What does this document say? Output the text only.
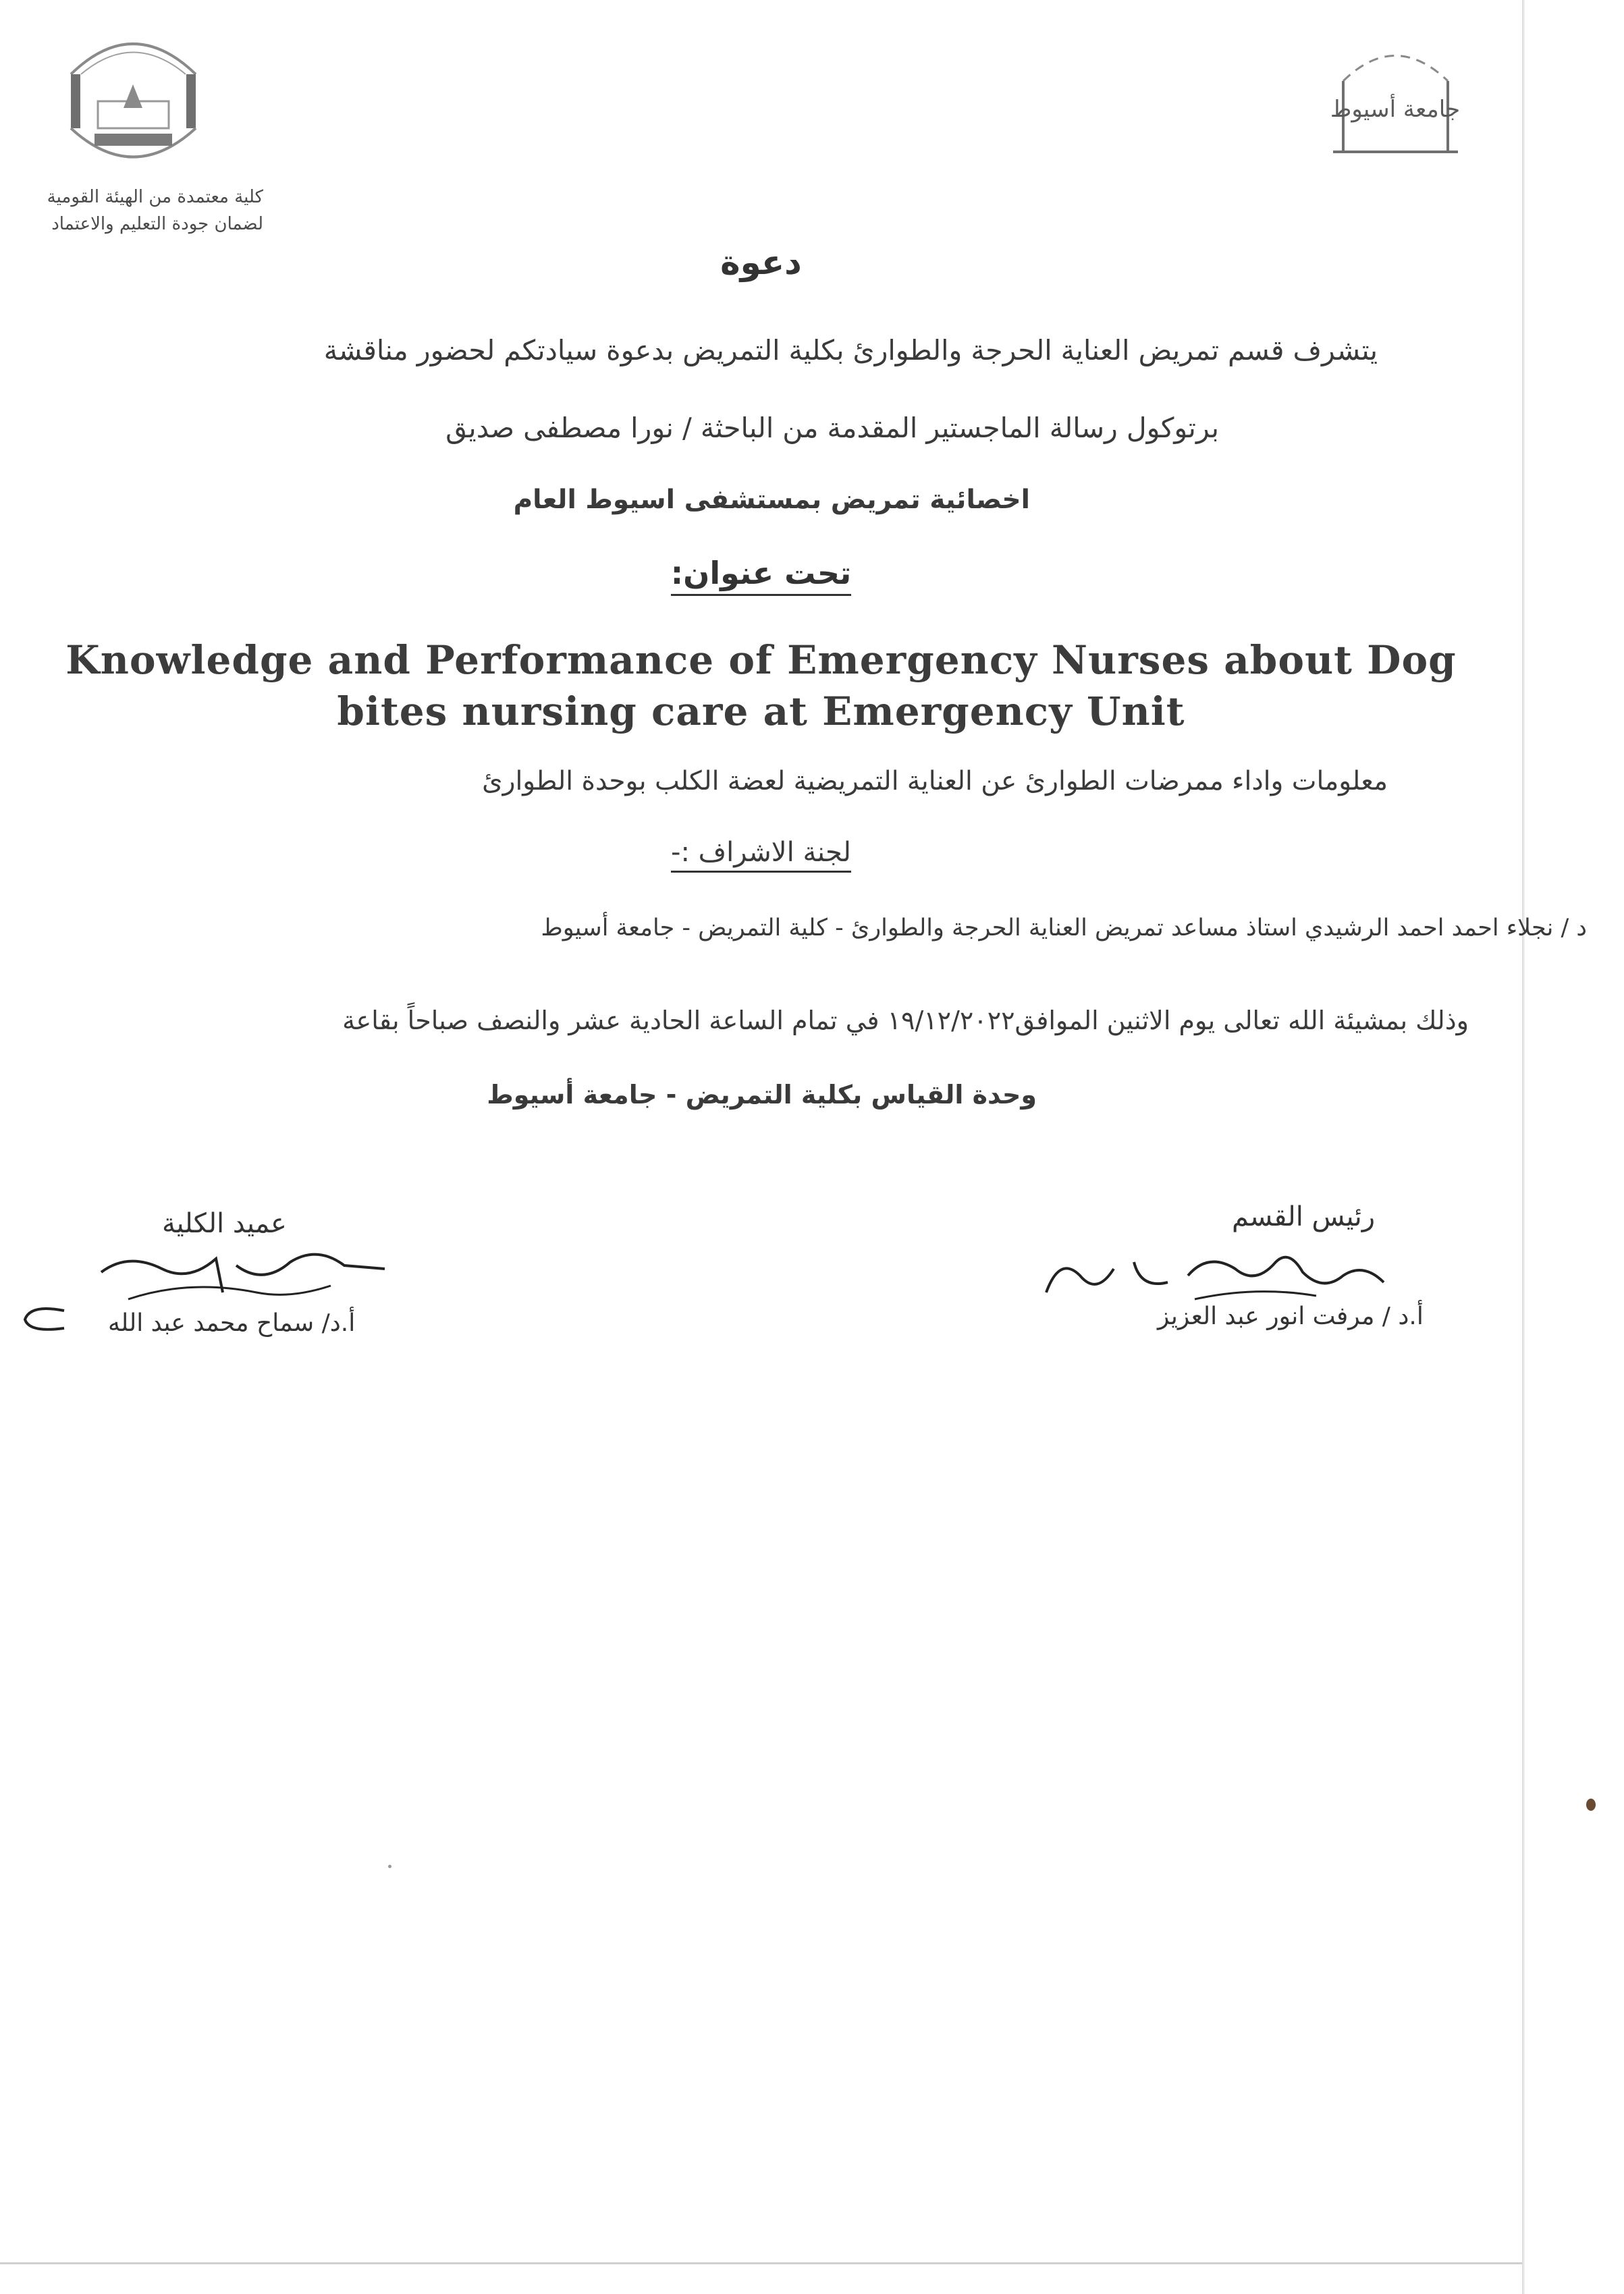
جامعة أسيوط
كلية معتمدة من الهيئة القومية
لضمان جودة التعليم والاعتماد
دعوة
يتشرف قسم تمريض العناية الحرجة والطوارئ بكلية التمريض بدعوة سيادتكم لحضور مناقشة
برتوكول رسالة الماجستير المقدمة من الباحثة / نورا مصطفى صديق
اخصائية تمريض بمستشفى اسيوط العام
تحت عنوان:
Knowledge and Performance of Emergency Nurses about Dog
bites nursing care at Emergency Unit
معلومات واداء ممرضات الطوارئ عن العناية التمريضية لعضة الكلب بوحدة الطوارئ
لجنة الاشراف :-
د / نجلاء احمد احمد الرشيدي استاذ مساعد تمريض العناية الحرجة والطوارئ - كلية التمريض - جامعة أسيوط
وذلك بمشيئة الله تعالى يوم الاثنين الموافق١٩/١٢/٢٠٢٢ في تمام الساعة الحادية عشر والنصف صباحاً بقاعة
وحدة القياس بكلية التمريض - جامعة أسيوط
رئيس القسم
أ.د / مرفت انور عبد العزيز
عميد الكلية
أ.د/ سماح محمد عبد الله
